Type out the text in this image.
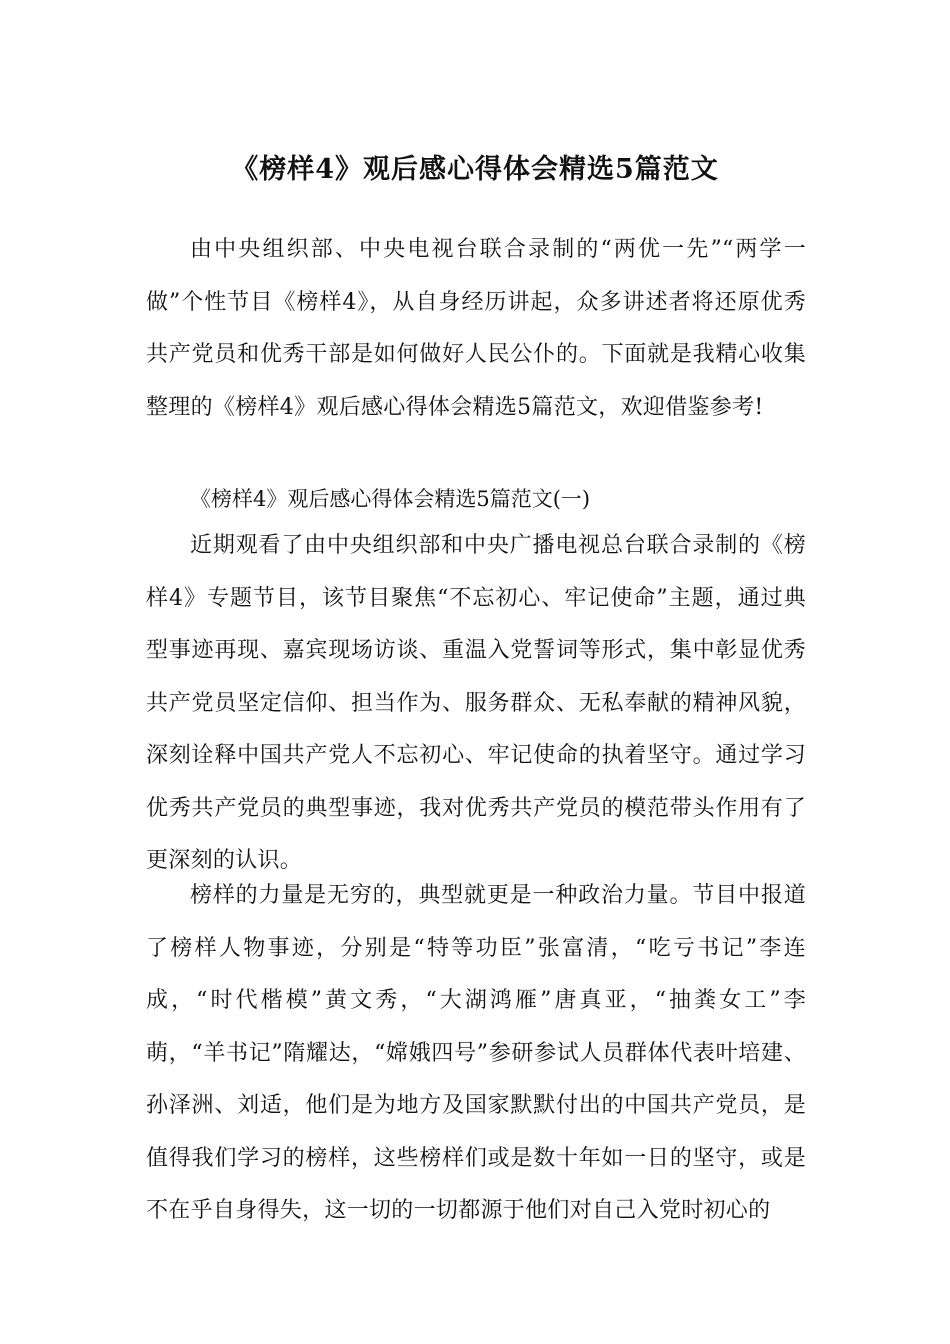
《榜样4》观后感心得体会精选5篇范文

由中央组织部、中央电视台联合录制的“两优一先”“两学一做”个性节目《榜样4》，从自身经历讲起，众多讲述者将还原优秀共产党员和优秀干部是如何做好人民公仆的。下面就是我精心收集整理的《榜样4》观后感心得体会精选5篇范文，欢迎借鉴参考!

《榜样4》观后感心得体会精选5篇范文(一)

近期观看了由中央组织部和中央广播电视总台联合录制的《榜样4》专题节目，该节目聚焦“不忘初心、牢记使命”主题，通过典型事迹再现、嘉宾现场访谈、重温入党誓词等形式，集中彰显优秀共产党员坚定信仰、担当作为、服务群众、无私奉献的精神风貌，深刻诠释中国共产党人不忘初心、牢记使命的执着坚守。通过学习优秀共产党员的典型事迹，我对优秀共产党员的模范带头作用有了更深刻的认识。

榜样的力量是无穷的，典型就更是一种政治力量。节目中报道了榜样人物事迹，分别是“特等功臣”张富清，“吃亏书记”李连成，“时代楷模”黄文秀，“大湖鸿雁”唐真亚，“抽粪女工”李萌，“羊书记”隋耀达，“嫦娥四号”参研参试人员群体代表叶培建、孙泽洲、刘适，他们是为地方及国家默默付出的中国共产党员，是值得我们学习的榜样，这些榜样们或是数十年如一日的坚守，或是不在乎自身得失，这一切的一切都源于他们对自己入党时初心的
